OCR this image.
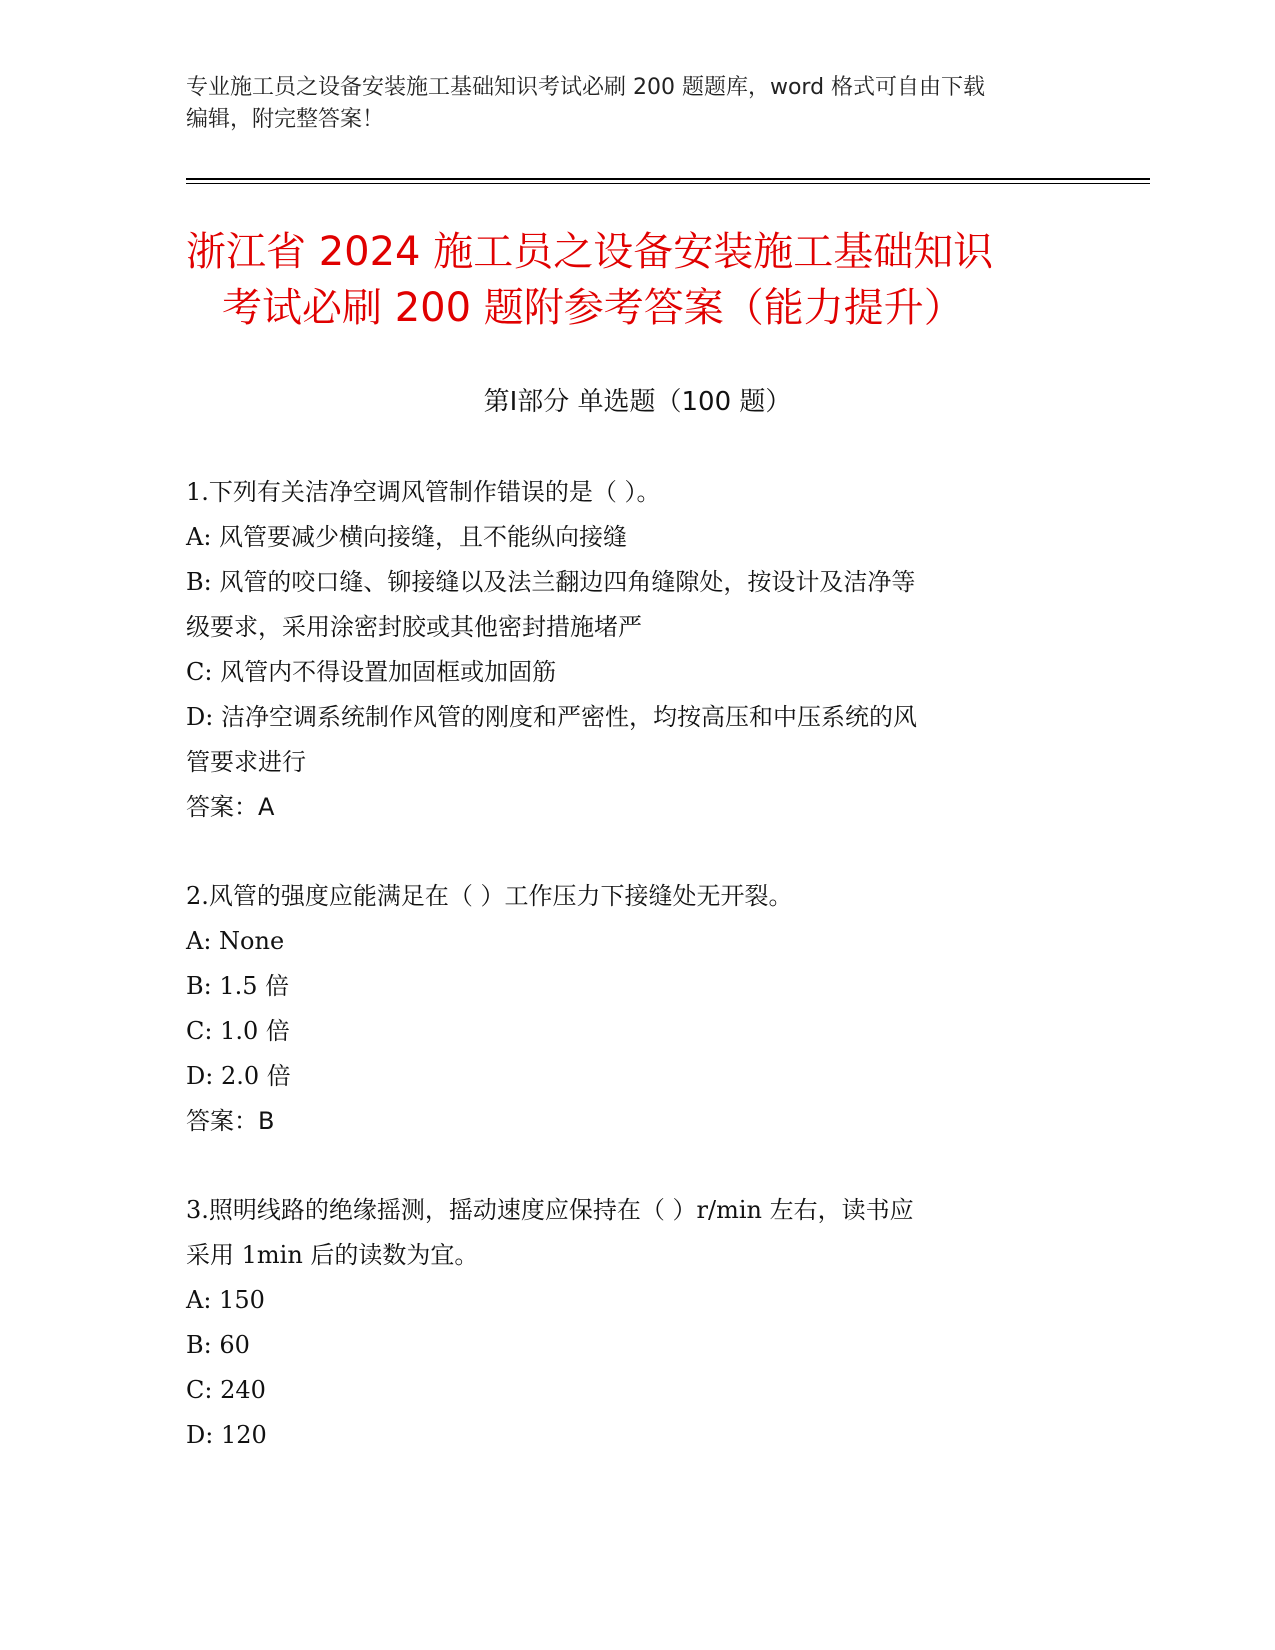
专业施工员之设备安装施工基础知识考试必刷 200 题题库，word 格式可自由下载
编辑，附完整答案！
浙江省 2024 施工员之设备安装施工基础知识
考试必刷 200 题附参考答案（能力提升）
第Ⅰ部分 单选题（100 题）
1.下列有关洁净空调风管制作错误的是（ ）。
A: 风管要减少横向接缝，且不能纵向接缝
B: 风管的咬口缝、铆接缝以及法兰翻边四角缝隙处，按设计及洁净等
级要求，采用涂密封胶或其他密封措施堵严
C: 风管内不得设置加固框或加固筋
D: 洁净空调系统制作风管的刚度和严密性，均按高压和中压系统的风
管要求进行
答案：A
2.风管的强度应能满足在（ ）工作压力下接缝处无开裂。
A: None
B: 1.5 倍
C: 1.0 倍
D: 2.0 倍
答案：B
3.照明线路的绝缘摇测，摇动速度应保持在（ ）r/min 左右，读书应
采用 1min 后的读数为宜。
A: 150
B: 60
C: 240
D: 120
